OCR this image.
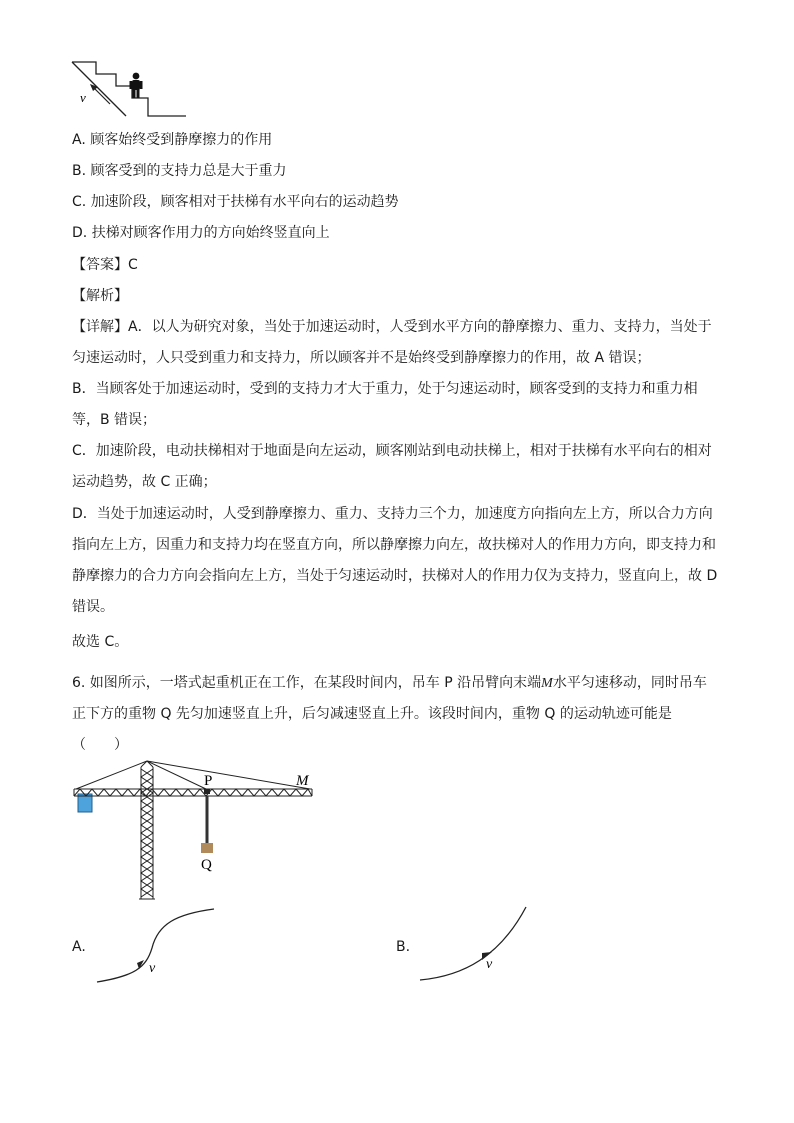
v
A. 顾客始终受到静摩擦力的作用
B. 顾客受到的支持力总是大于重力
C. 加速阶段，顾客相对于扶梯有水平向右的运动趋势
D. 扶梯对顾客作用力的方向始终竖直向上
【答案】C
【解析】
【详解】A．以人为研究对象，当处于加速运动时，人受到水平方向的静摩擦力、重力、支持力，当处于
匀速运动时，人只受到重力和支持力，所以顾客并不是始终受到静摩擦力的作用，故 A 错误；
B．当顾客处于加速运动时，受到的支持力才大于重力，处于匀速运动时，顾客受到的支持力和重力相
等，B 错误；
C．加速阶段，电动扶梯相对于地面是向左运动，顾客刚站到电动扶梯上，相对于扶梯有水平向右的相对
运动趋势，故 C 正确；
D．当处于加速运动时，人受到静摩擦力、重力、支持力三个力，加速度方向指向左上方，所以合力方向
指向左上方，因重力和支持力均在竖直方向，所以静摩擦力向左，故扶梯对人的作用力方向，即支持力和
静摩擦力的合力方向会指向左上方，当处于匀速运动时，扶梯对人的作用力仅为支持力，竖直向上，故 D
错误。
故选 C。
6. 如图所示，一塔式起重机正在工作，在某段时间内，吊车 P 沿吊臂向末端M水平匀速移动，同时吊车
正下方的重物 Q 先匀加速竖直上升，后匀减速竖直上升。该段时间内，重物 Q 的运动轨迹可能是
（　　）
P	M
Q
A.
v
B.
v
